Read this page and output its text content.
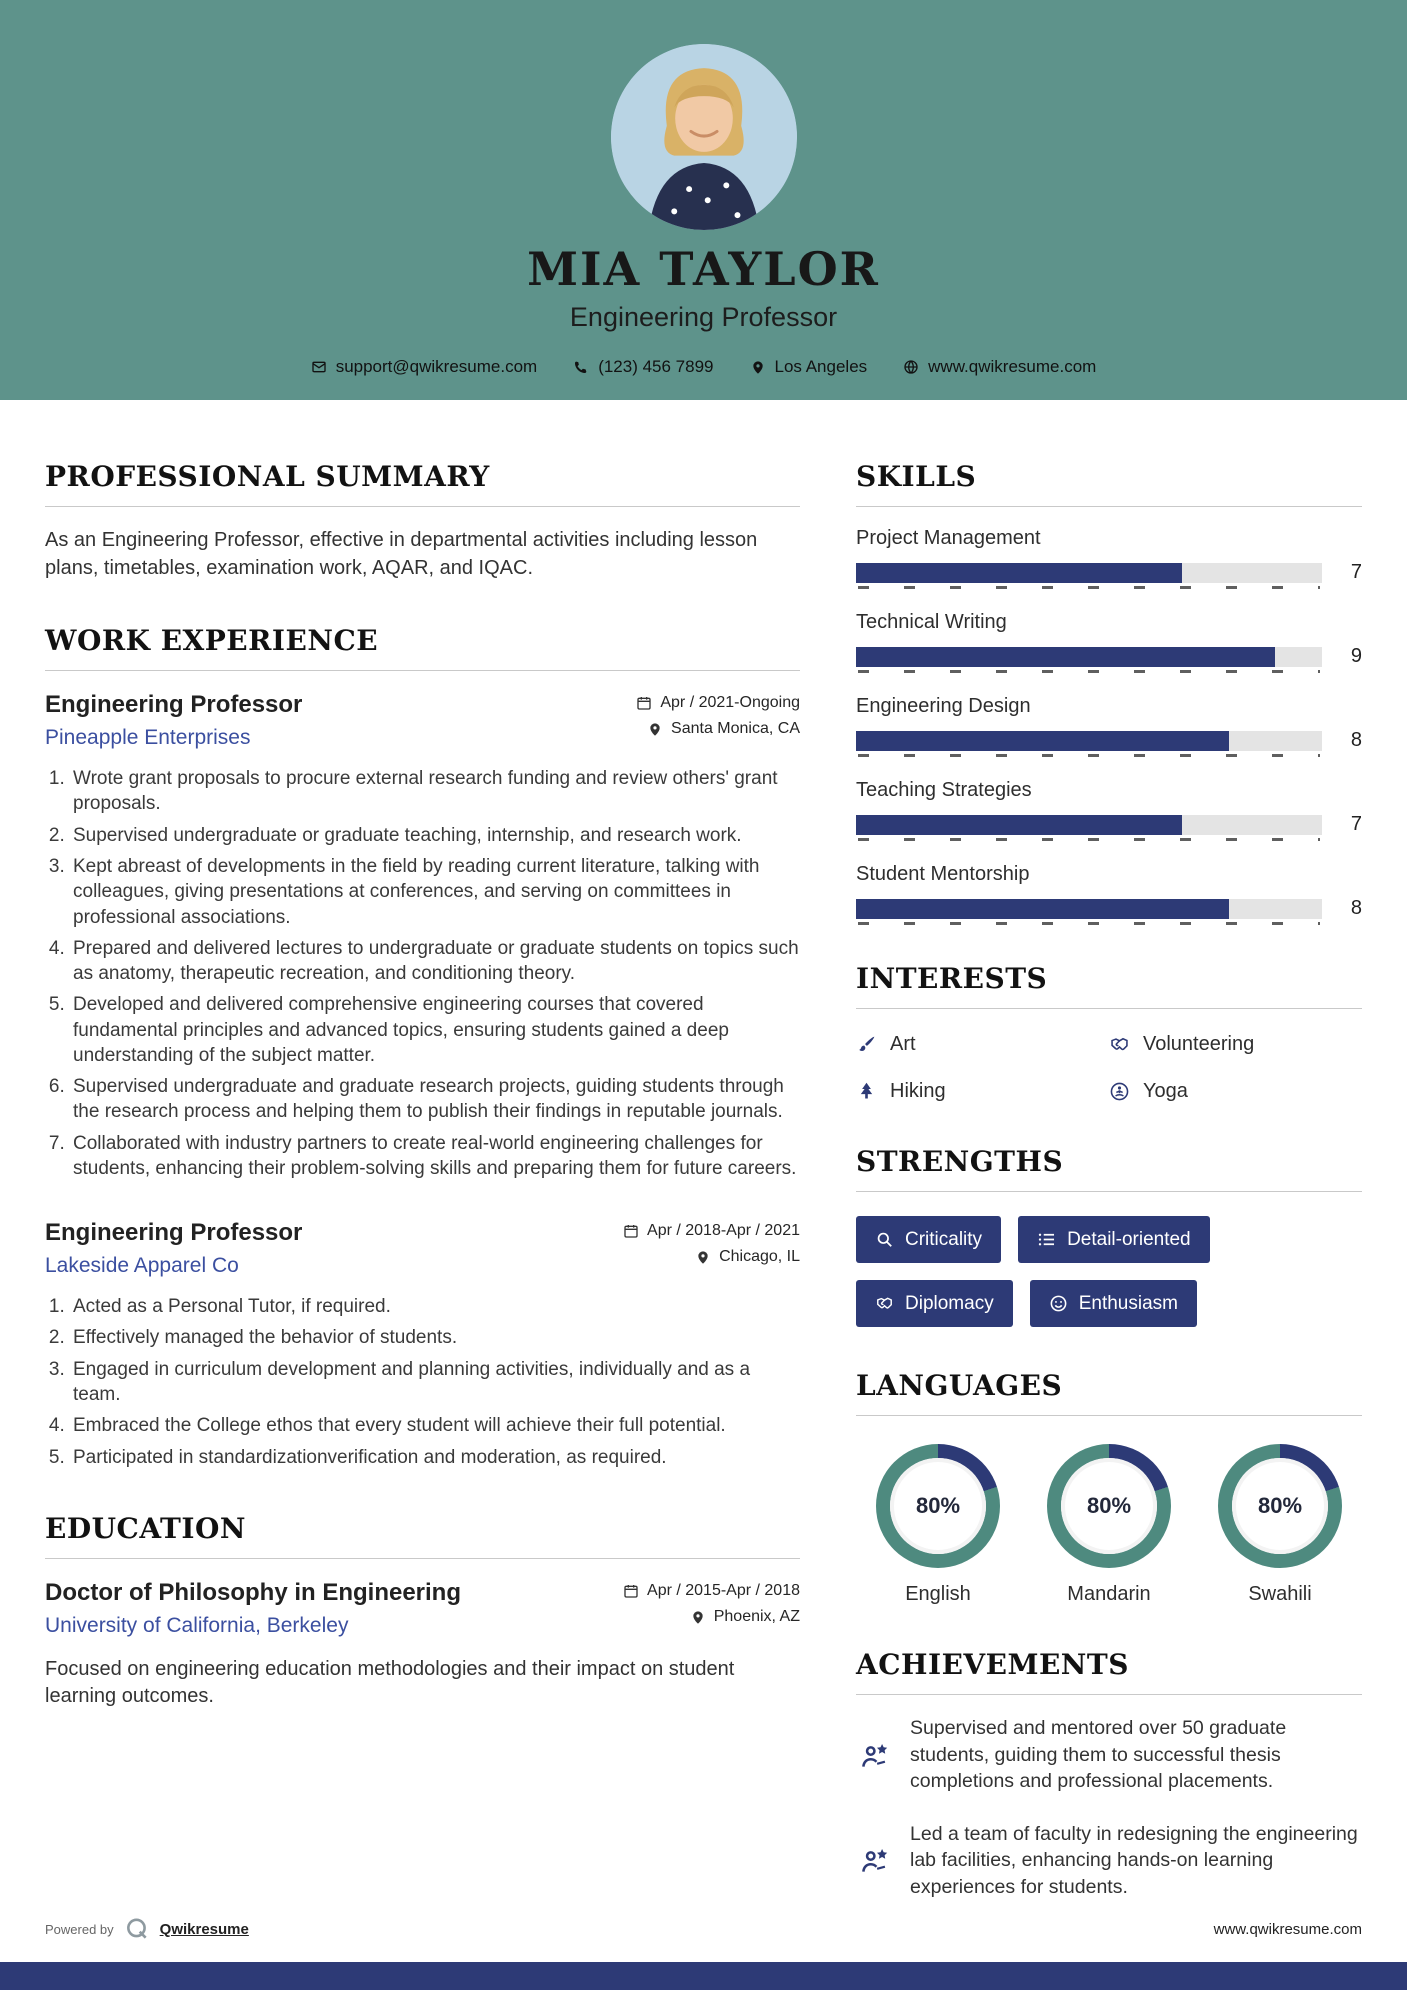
MIA TAYLOR
Engineering Professor
support@qwikresume.com	(123) 456 7899	Los Angeles	www.qwikresume.com
PROFESSIONAL SUMMARY
As an Engineering Professor, effective in departmental activities including lesson plans, timetables, examination work, AQAR, and IQAC.
WORK EXPERIENCE
Engineering Professor
Pineapple Enterprises
Apr / 2021-Ongoing
Santa Monica, CA
1. Wrote grant proposals to procure external research funding and review others' grant proposals.
2. Supervised undergraduate or graduate teaching, internship, and research work.
3. Kept abreast of developments in the field by reading current literature, talking with colleagues, giving presentations at conferences, and serving on committees in professional associations.
4. Prepared and delivered lectures to undergraduate or graduate students on topics such as anatomy, therapeutic recreation, and conditioning theory.
5. Developed and delivered comprehensive engineering courses that covered fundamental principles and advanced topics, ensuring students gained a deep understanding of the subject matter.
6. Supervised undergraduate and graduate research projects, guiding students through the research process and helping them to publish their findings in reputable journals.
7. Collaborated with industry partners to create real-world engineering challenges for students, enhancing their problem-solving skills and preparing them for future careers.
Engineering Professor
Lakeside Apparel Co
Apr / 2018-Apr / 2021
Chicago, IL
1. Acted as a Personal Tutor, if required.
2. Effectively managed the behavior of students.
3. Engaged in curriculum development and planning activities, individually and as a team.
4. Embraced the College ethos that every student will achieve their full potential.
5. Participated in standardizationverification and moderation, as required.
EDUCATION
Doctor of Philosophy in Engineering
University of California, Berkeley
Apr / 2015-Apr / 2018
Phoenix, AZ
Focused on engineering education methodologies and their impact on student learning outcomes.
SKILLS
Project Management
7
Technical Writing
9
Engineering Design
8
Teaching Strategies
7
Student Mentorship
8
INTERESTS
Art	Volunteering
Hiking	Yoga
STRENGTHS
Criticality	Detail-oriented
Diplomacy	Enthusiasm
LANGUAGES
80%
English
80%
Mandarin
80%
Swahili
ACHIEVEMENTS
Supervised and mentored over 50 graduate students, guiding them to successful thesis completions and professional placements.
Led a team of faculty in redesigning the engineering lab facilities, enhancing hands-on learning experiences for students.
Powered by	Qwikresume	www.qwikresume.com
